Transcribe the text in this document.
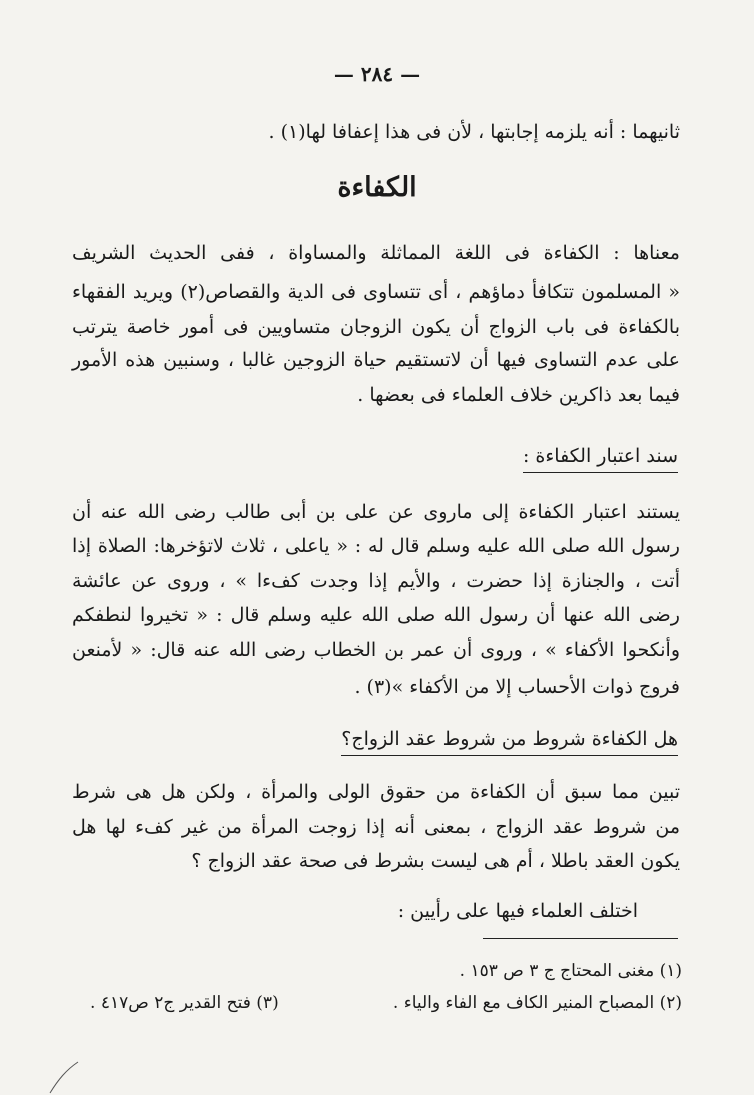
— ٢٨٤ —
ثانيهما : أنه يلزمه إجابتها ، لأن فى هذا إعفافا لها(١) .
الكفاءة
معناها : الكفاءة فى اللغة المماثلة والمساواة ، ففى الحديث الشريف
« المسلمون تتكافأ دماؤهم ، أى تتساوى فى الدية والقصاص(٢) ويريد الفقهاء
بالكفاءة فى باب الزواج أن يكون الزوجان متساويين فى أمور خاصة يترتب
على عدم التساوى فيها أن لاتستقيم حياة الزوجين غالبا ، وسنبين هذه الأمور
فيما بعد ذاكرين خلاف العلماء فى بعضها .
سند اعتبار الكفاءة :
يستند اعتبار الكفاءة إلى ماروى عن على بن أبى طالب رضى الله عنه أن
رسول الله صلى الله عليه وسلم قال له : « ياعلى ، ثلاث لاتؤخرها: الصلاة إذا
أتت ، والجنازة إذا حضرت ، والأيم إذا وجدت كفءا » ، وروى عن عائشة
رضى الله عنها أن رسول الله صلى الله عليه وسلم قال : « تخيروا لنطفكم
وأنكحوا الأكفاء » ، وروى أن عمر بن الخطاب رضى الله عنه قال: « لأمنعن
فروج ذوات الأحساب إلا من الأكفاء »(٣) .
هل الكفاءة شروط من شروط عقد الزواج؟
تبين مما سبق أن الكفاءة من حقوق الولى والمرأة ، ولكن هل هى شرط
من شروط عقد الزواج ، بمعنى أنه إذا زوجت المرأة من غير كفء لها هل
يكون العقد باطلا ، أم هى ليست بشرط فى صحة عقد الزواج ؟
اختلف العلماء فيها على رأيين :
(١) مغنى المحتاج ج ٣ ص ١٥٣ .
(٢) المصباح المنير الكاف مع الفاء والياء .
(٣) فتح القدير ج٢ ص٤١٧ .
